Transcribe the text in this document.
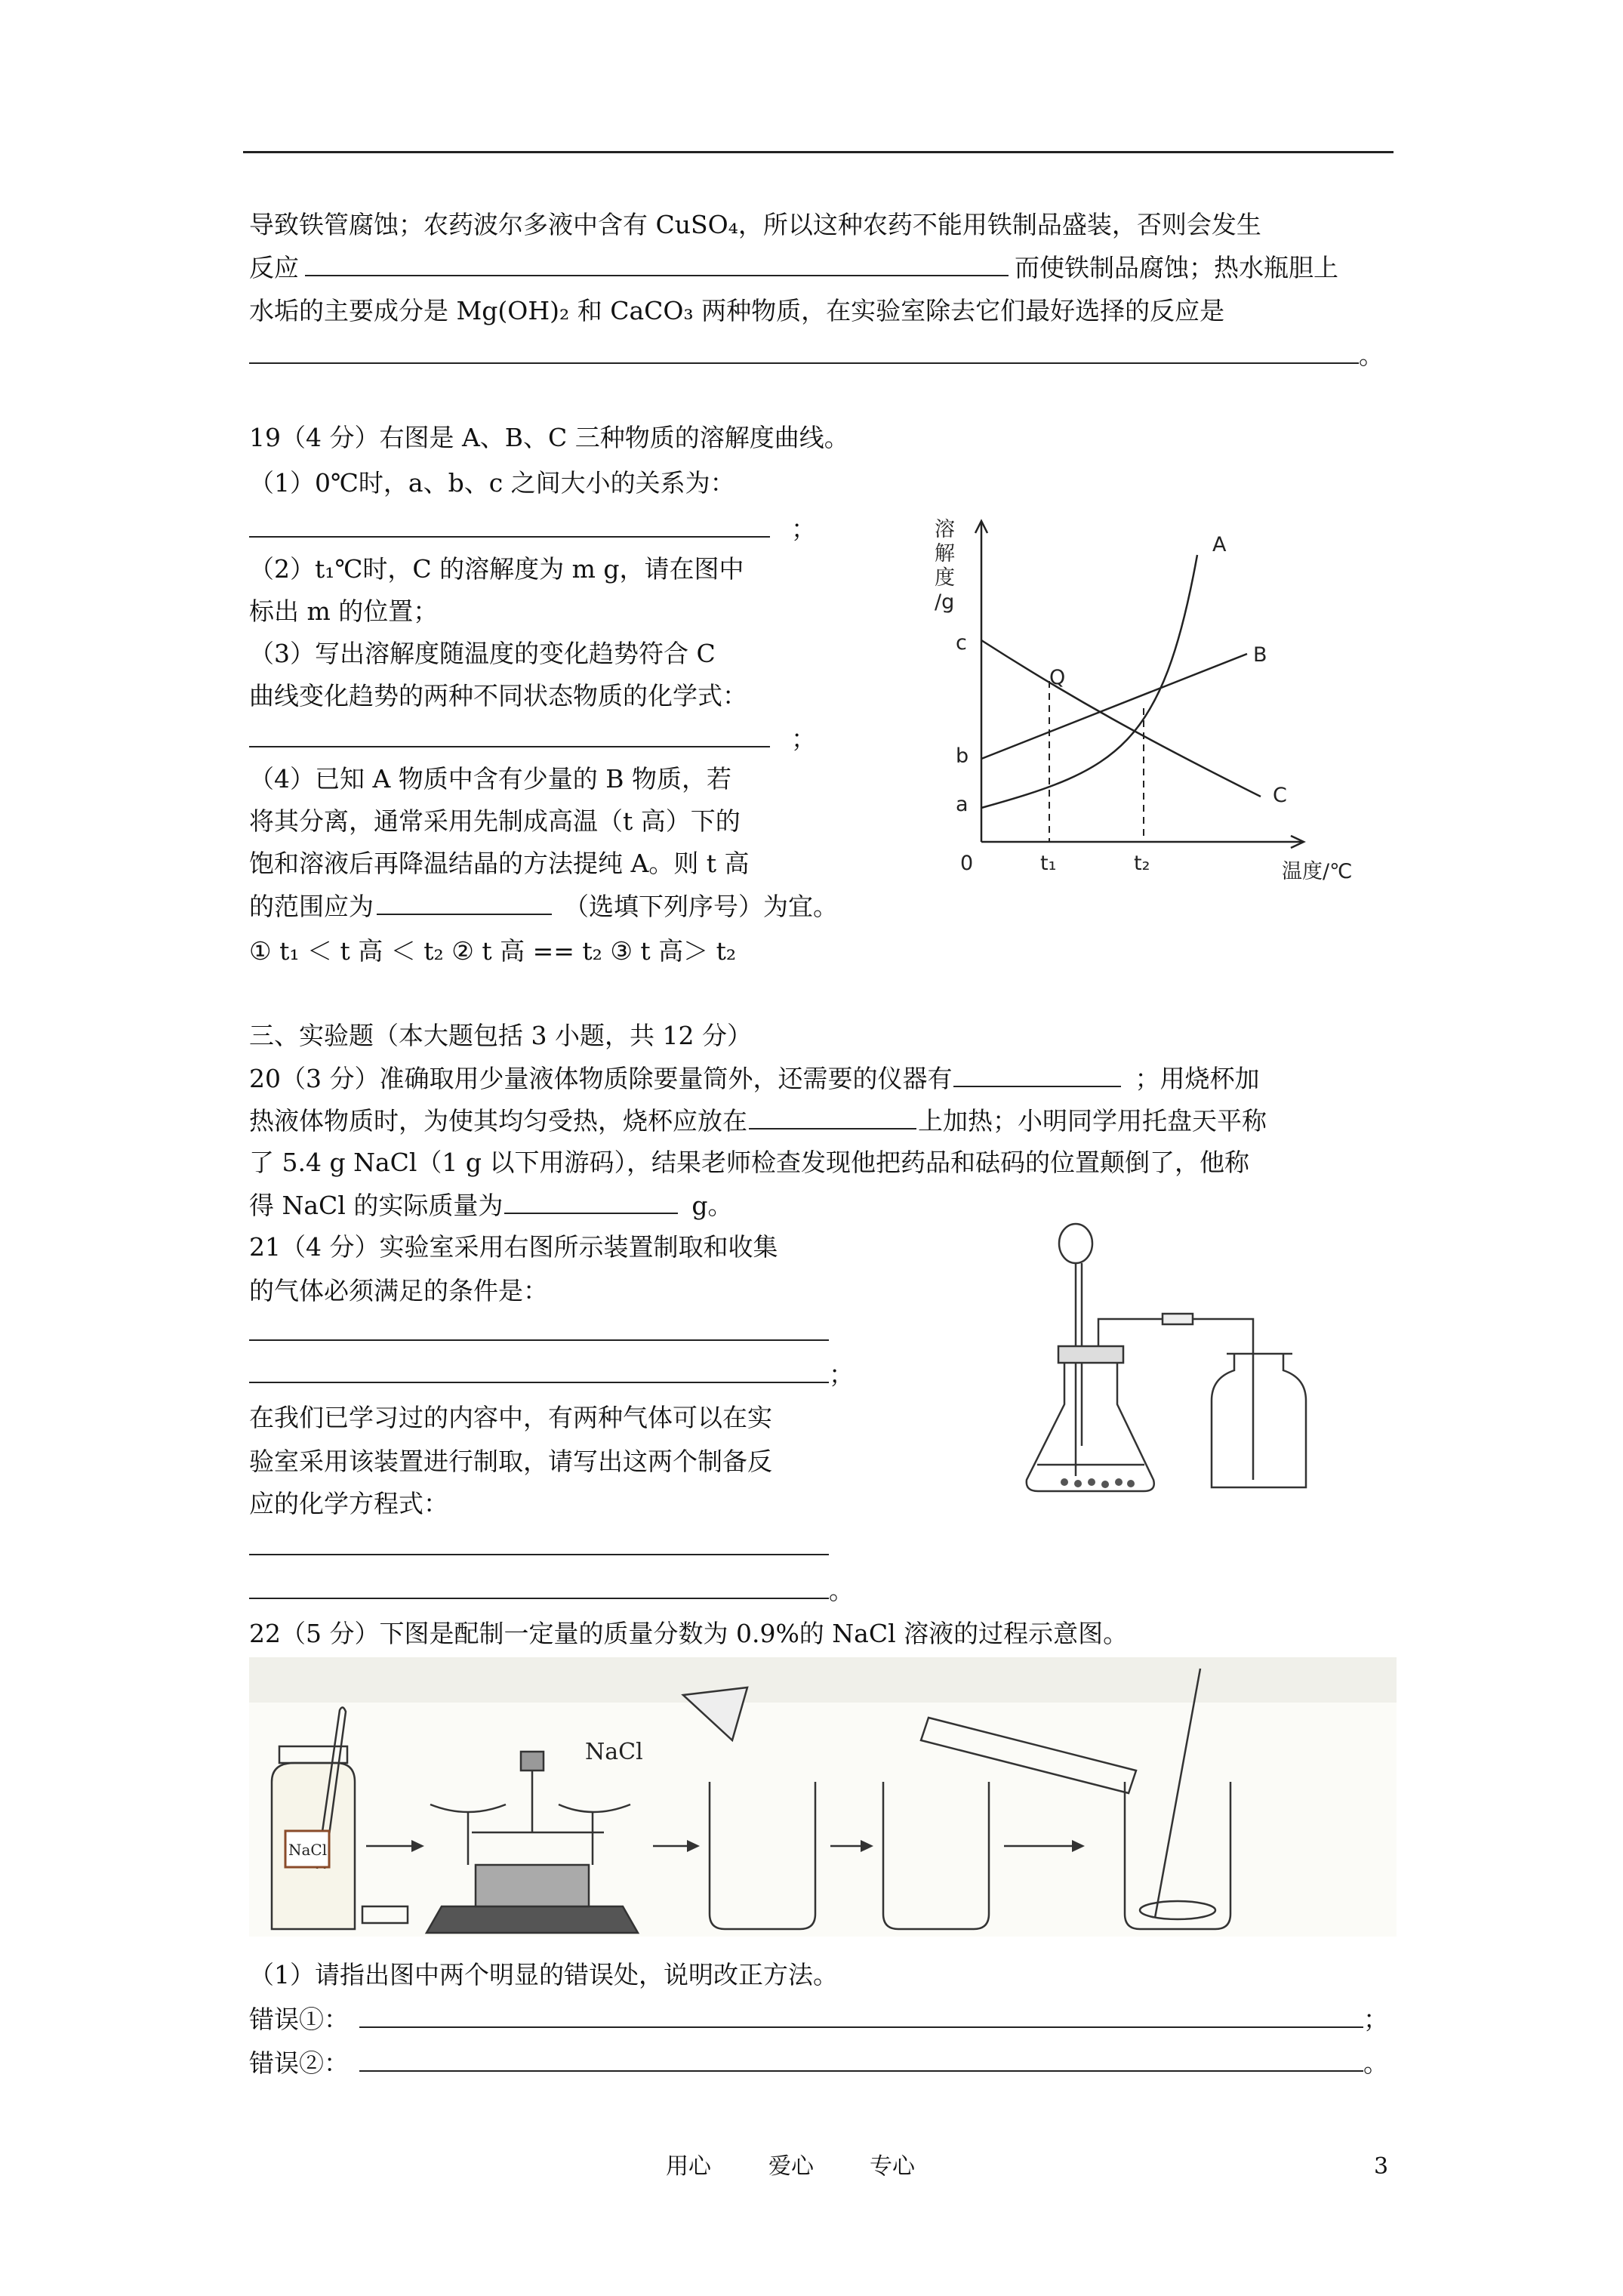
导致铁管腐蚀；农药波尔多液中含有 CuSO₄，所以这种农药不能用铁制品盛装，否则会发生
反应	而使铁制品腐蚀；热水瓶胆上
水垢的主要成分是 Mg(OH)₂ 和 CaCO₃ 两种物质，在实验室除去它们最好选择的反应是
。
19（4 分）右图是 A、B、C 三种物质的溶解度曲线。
（1）0℃时，a、b、c 之间大小的关系为：
；
（2）t₁℃时，C 的溶解度为 m g，请在图中
标出 m 的位置；
（3）写出溶解度随温度的变化趋势符合 C
曲线变化趋势的两种不同状态物质的化学式：
；
（4）已知 A 物质中含有少量的 B 物质，若
将其分离，通常采用先制成高温（t 高）下的
饱和溶液后再降温结晶的方法提纯 A。则 t 高
的范围应为	（选填下列序号）为宜。
① t₁ ＜ t 高 ＜ t₂ ② t 高 == t₂ ③ t 高＞ t₂
溶
解
度
/g
温度/℃
0	t₁	t₂
c
b
a
Q
A
B
C
三、实验题（本大题包括 3 小题，共 12 分）
20（3 分）准确取用少量液体物质除要量筒外，还需要的仪器有	；用烧杯加
热液体物质时，为使其均匀受热，烧杯应放在	上加热；小明同学用托盘天平称
了 5.4 g NaCl（1 g 以下用游码），结果老师检查发现他把药品和砝码的位置颠倒了，他称
得 NaCl 的实际质量为	g。
21（4 分）实验室采用右图所示装置制取和收集
的气体必须满足的条件是：
；
在我们已学习过的内容中，有两种气体可以在实
验室采用该装置进行制取，请写出这两个制备反
应的化学方程式：
。
22（5 分）下图是配制一定量的质量分数为 0.9%的 NaCl 溶液的过程示意图。
NaCl
NaCl
（1）请指出图中两个明显的错误处，说明改正方法。
错误①：	；
错误②：	。
用心	爱心 专心	3
